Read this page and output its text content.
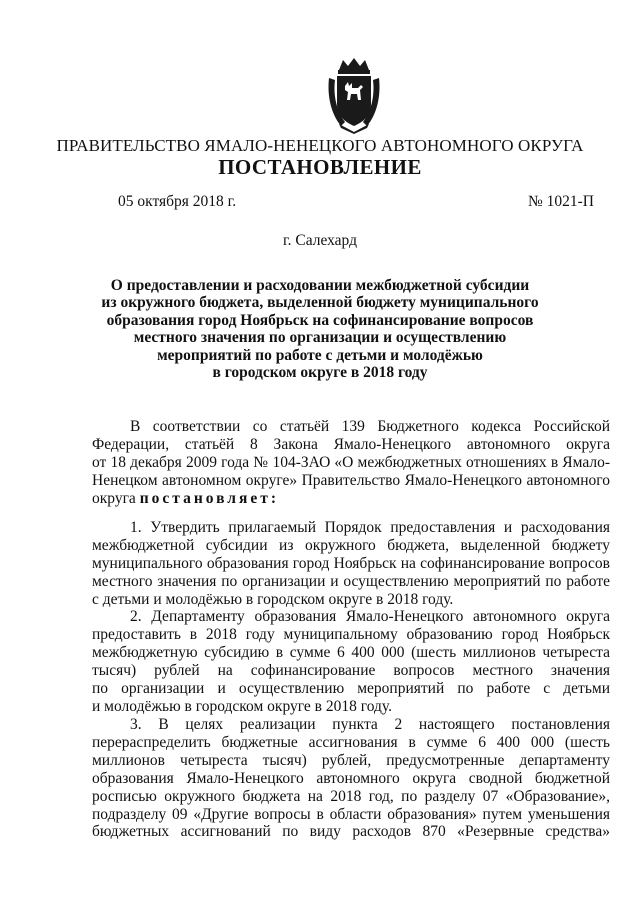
ПРАВИТЕЛЬСТВО ЯМАЛО-НЕНЕЦКОГО АВТОНОМНОГО ОКРУГА
ПОСТАНОВЛЕНИЕ
05 октября 2018 г.	№ 1021-П
г. Салехард
О предоставлении и расходовании межбюджетной субсидии
из окружного бюджета, выделенной бюджету муниципального
образования город Ноябрьск на софинансирование вопросов
местного значения по организации и осуществлению
мероприятий по работе с детьми и молодёжью
в городском округе в 2018 году
В соответствии со статьёй 139 Бюджетного кодекса Российской
Федерации, статьёй 8 Закона Ямало-Ненецкого автономного округа
от 18 декабря 2009 года № 104-ЗАО «О межбюджетных отношениях в Ямало-
Ненецком автономном округе» Правительство Ямало-Ненецкого автономного
округа постановляет:
1. Утвердить прилагаемый Порядок предоставления и расходования
межбюджетной субсидии из окружного бюджета, выделенной бюджету
муниципального образования город Ноябрьск на софинансирование вопросов
местного значения по организации и осуществлению мероприятий по работе
с детьми и молодёжью в городском округе в 2018 году.
2. Департаменту образования Ямало-Ненецкого автономного округа
предоставить в 2018 году муниципальному образованию город Ноябрьск
межбюджетную субсидию в сумме 6 400 000 (шесть миллионов четыреста
тысяч) рублей на софинансирование вопросов местного значения
по организации и осуществлению мероприятий по работе с детьми
и молодёжью в городском округе в 2018 году.
3. В целях реализации пункта 2 настоящего постановления
перераспределить бюджетные ассигнования в сумме 6 400 000 (шесть
миллионов четыреста тысяч) рублей, предусмотренные департаменту
образования Ямало-Ненецкого автономного округа сводной бюджетной
росписью окружного бюджета на 2018 год, по разделу 07 «Образование»,
подразделу 09 «Другие вопросы в области образования» путем уменьшения
бюджетных ассигнований по виду расходов 870 «Резервные средства»
